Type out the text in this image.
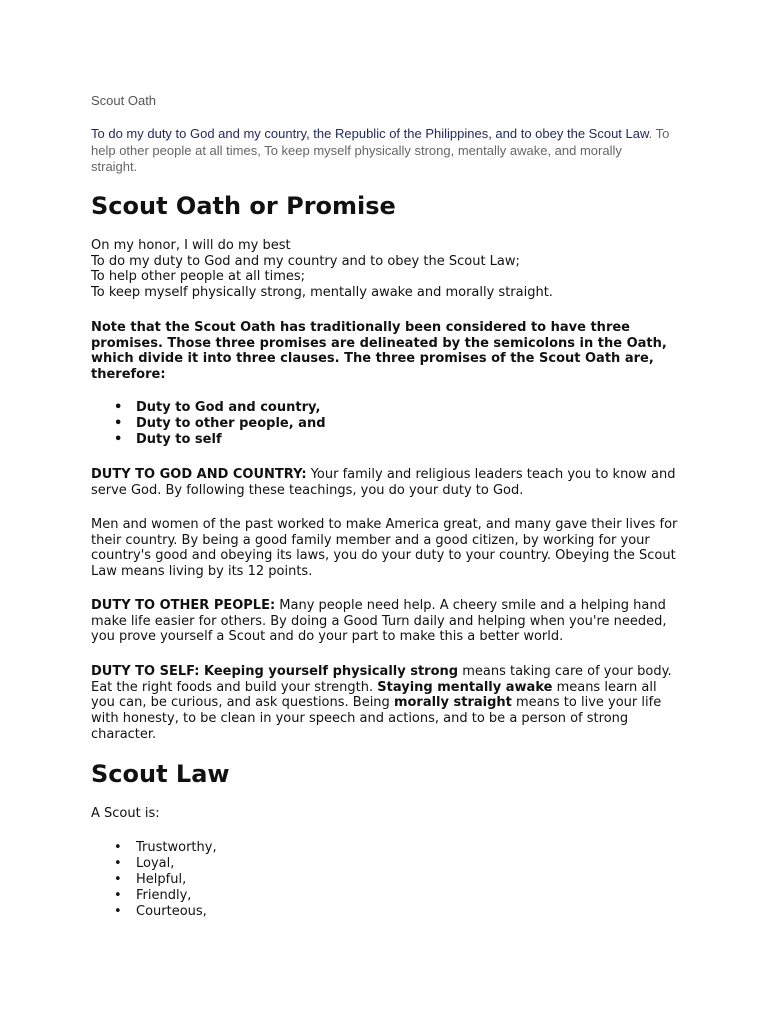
Scout Oath

To do my duty to God and my country, the Republic of the Philippines, and to obey the Scout Law. To help other people at all times, To keep myself physically strong, mentally awake, and morally straight.

Scout Oath or Promise
On my honor, I will do my best
To do my duty to God and my country and to obey the Scout Law;
To help other people at all times;
To keep myself physically strong, mentally awake and morally straight.

Note that the Scout Oath has traditionally been considered to have three promises. Those three promises are delineated by the semicolons in the Oath, which divide it into three clauses. The three promises of the Scout Oath are, therefore:

• Duty to God and country,
• Duty to other people, and
• Duty to self

DUTY TO GOD AND COUNTRY: Your family and religious leaders teach you to know and serve God. By following these teachings, you do your duty to God.

Men and women of the past worked to make America great, and many gave their lives for their country. By being a good family member and a good citizen, by working for your country's good and obeying its laws, you do your duty to your country. Obeying the Scout Law means living by its 12 points.

DUTY TO OTHER PEOPLE: Many people need help. A cheery smile and a helping hand make life easier for others. By doing a Good Turn daily and helping when you're needed, you prove yourself a Scout and do your part to make this a better world.

DUTY TO SELF: Keeping yourself physically strong means taking care of your body. Eat the right foods and build your strength. Staying mentally awake means learn all you can, be curious, and ask questions. Being morally straight means to live your life with honesty, to be clean in your speech and actions, and to be a person of strong character.

Scout Law

A Scout is:

• Trustworthy,
• Loyal,
• Helpful,
• Friendly,
• Courteous,
